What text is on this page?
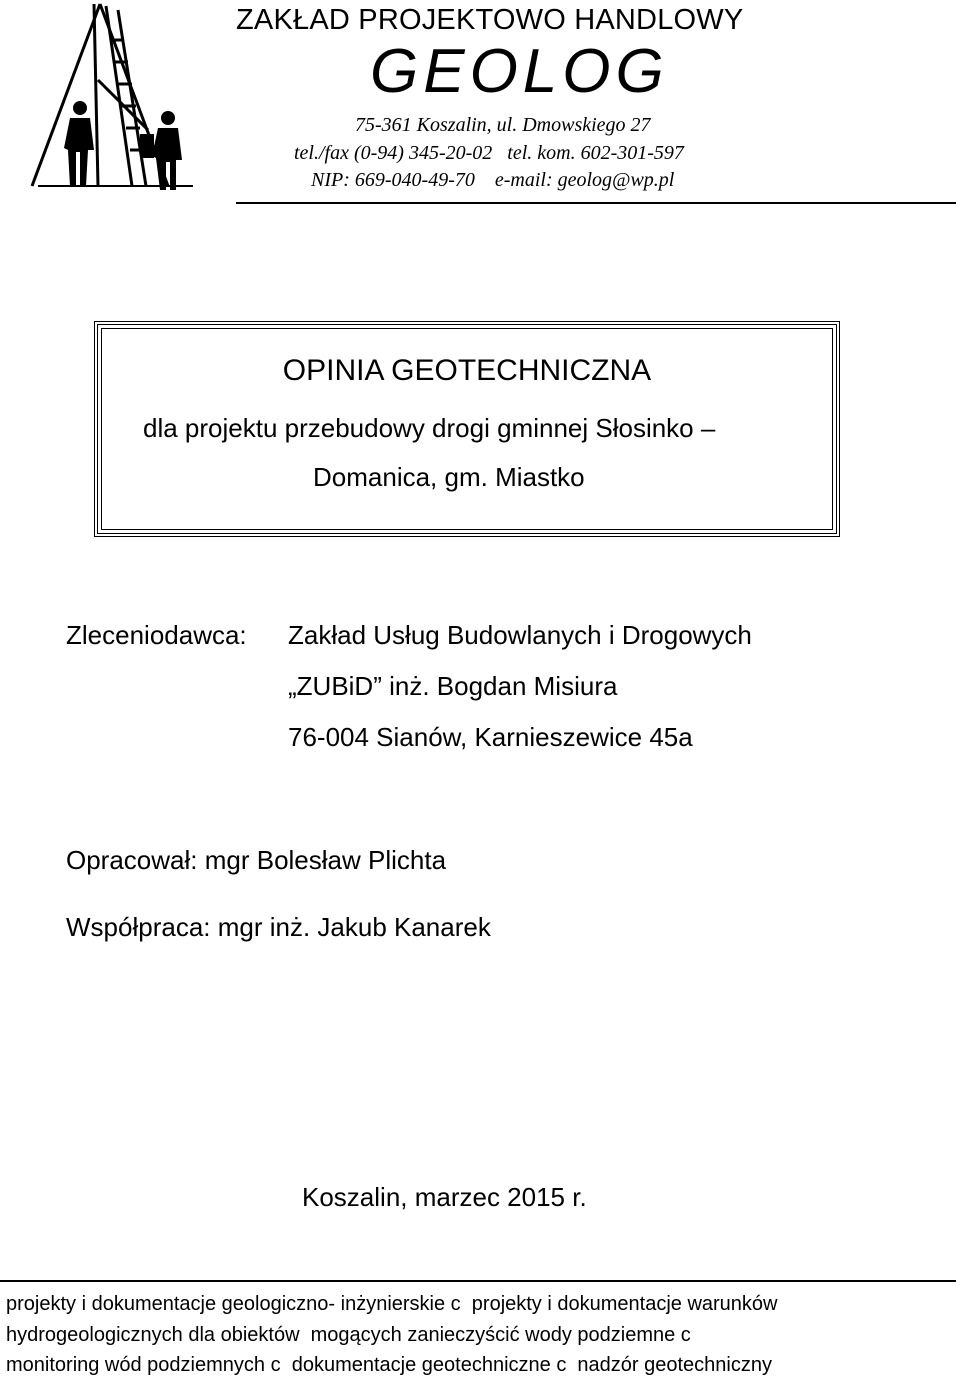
ZAKŁAD PROJEKTOWO HANDLOWY
GEOLOG
75-361 Koszalin, ul. Dmowskiego 27
tel./fax (0-94) 345-20-02   tel. kom. 602-301-597
NIP: 669-040-49-70    e-mail: geolog@wp.pl
OPINIA GEOTECHNICZNA
dla projektu przebudowy drogi gminnej Słosinko –
Domanica, gm. Miastko
Zleceniodawca: Zakład Usług Budowlanych i Drogowych
„ZUBiD” inż. Bogdan Misiura
76-004 Sianów, Karnieszewice 45a
Opracował: mgr Bolesław Plichta
Współpraca: mgr inż. Jakub Kanarek
Koszalin, marzec 2015 r.
projekty i dokumentacje geologiczno- inżynierskie c  projekty i dokumentacje warunków
hydrogeologicznych dla obiektów  mogących zanieczyścić wody podziemne c
monitoring wód podziemnych c  dokumentacje geotechniczne c  nadzór geotechniczny
